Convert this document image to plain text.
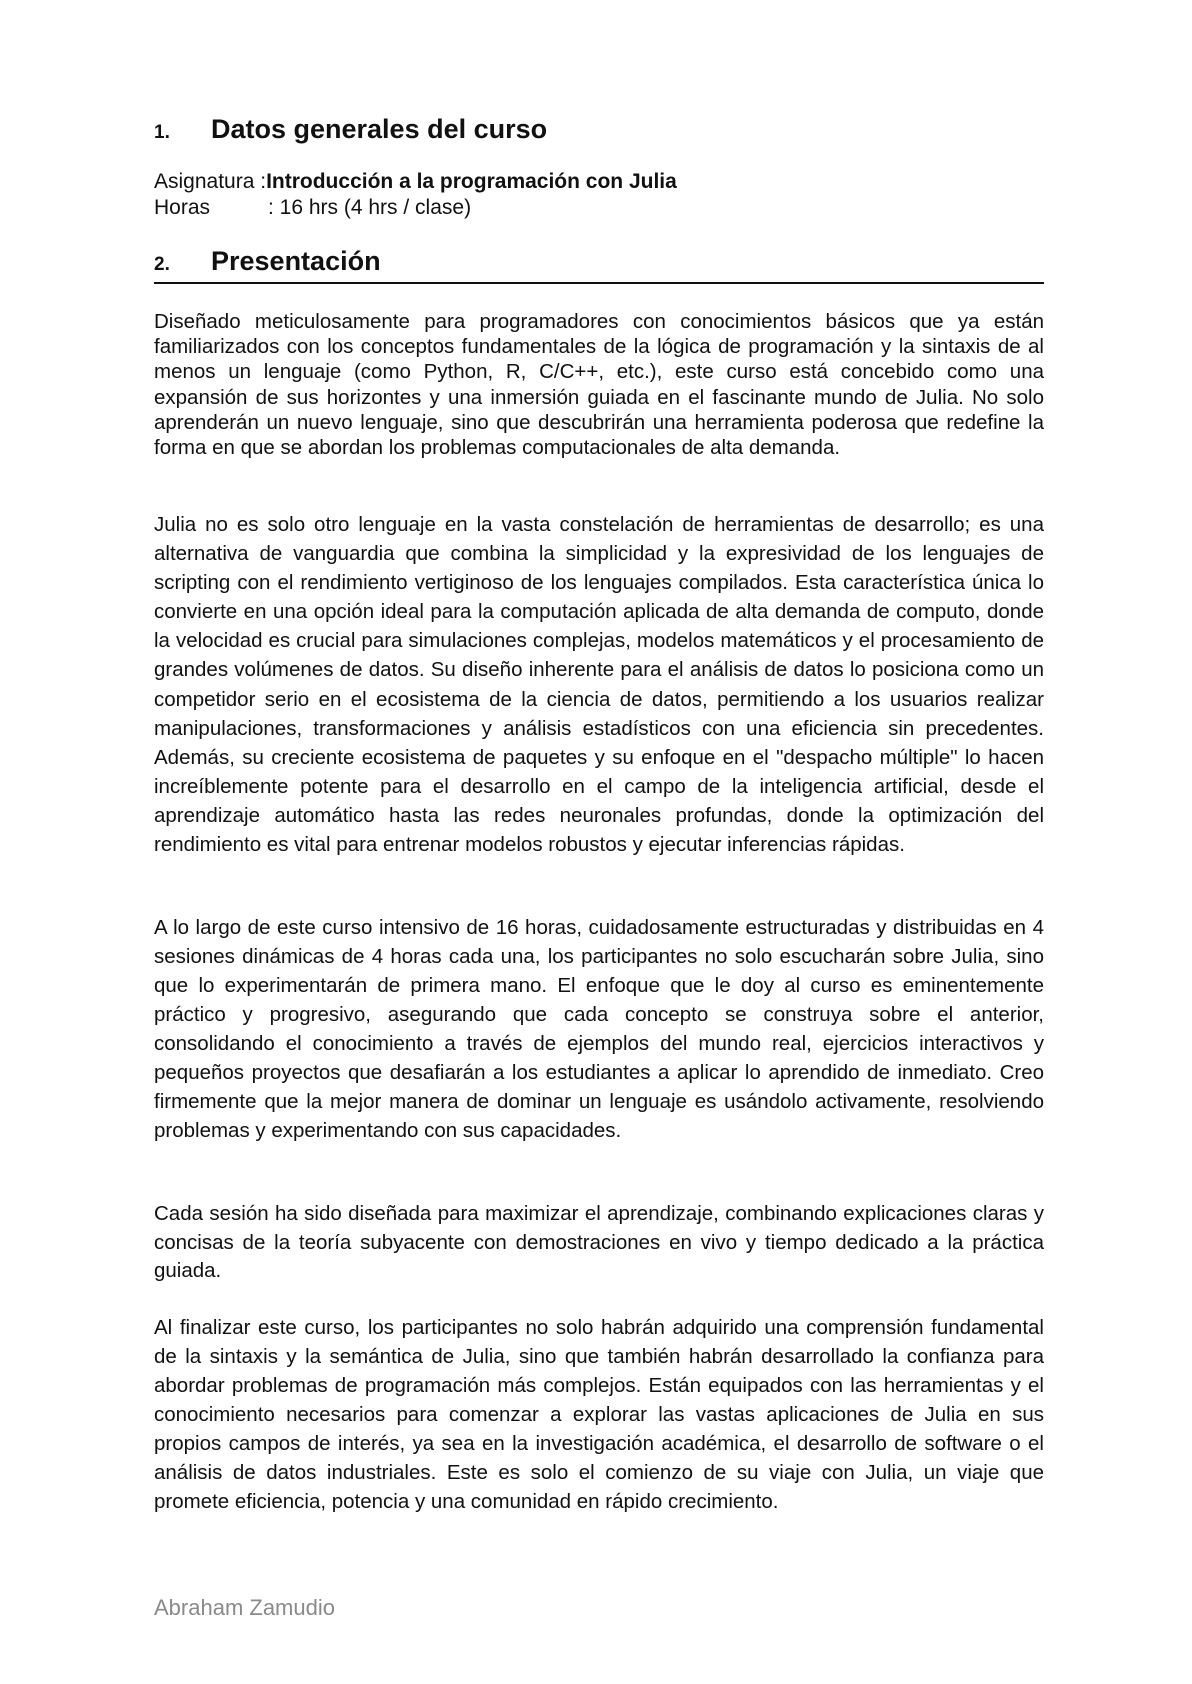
1.	Datos generales del curso
Asignatura :Introducción a la programación con Julia
Horas	: 16 hrs (4 hrs / clase)
2.	Presentación

Diseñado meticulosamente para programadores con conocimientos básicos que ya están familiarizados con los conceptos fundamentales de la lógica de programación y la sintaxis de al menos un lenguaje (como Python, R, C/C++, etc.), este curso está concebido como una expansión de sus horizontes y una inmersión guiada en el fascinante mundo de Julia. No solo aprenderán un nuevo lenguaje, sino que descubrirán una herramienta poderosa que redefine la forma en que se abordan los problemas computacionales de alta demanda.

Julia no es solo otro lenguaje en la vasta constelación de herramientas de desarrollo; es una alternativa de vanguardia que combina la simplicidad y la expresividad de los lenguajes de scripting con el rendimiento vertiginoso de los lenguajes compilados. Esta característica única lo convierte en una opción ideal para la computación aplicada de alta demanda de computo, donde la velocidad es crucial para simulaciones complejas, modelos matemáticos y el procesamiento de grandes volúmenes de datos. Su diseño inherente para el análisis de datos lo posiciona como un competidor serio en el ecosistema de la ciencia de datos, permitiendo a los usuarios realizar manipulaciones, transformaciones y análisis estadísticos con una eficiencia sin precedentes. Además, su creciente ecosistema de paquetes y su enfoque en el "despacho múltiple" lo hacen increíblemente potente para el desarrollo en el campo de la inteligencia artificial, desde el aprendizaje automático hasta las redes neuronales profundas, donde la optimización del rendimiento es vital para entrenar modelos robustos y ejecutar inferencias rápidas.

A lo largo de este curso intensivo de 16 horas, cuidadosamente estructuradas y distribuidas en 4 sesiones dinámicas de 4 horas cada una, los participantes no solo escucharán sobre Julia, sino que lo experimentarán de primera mano. El enfoque que le doy al curso es eminentemente práctico y progresivo, asegurando que cada concepto se construya sobre el anterior, consolidando el conocimiento a través de ejemplos del mundo real, ejercicios interactivos y pequeños proyectos que desafiarán a los estudiantes a aplicar lo aprendido de inmediato. Creo firmemente que la mejor manera de dominar un lenguaje es usándolo activamente, resolviendo problemas y experimentando con sus capacidades.

Cada sesión ha sido diseñada para maximizar el aprendizaje, combinando explicaciones claras y concisas de la teoría subyacente con demostraciones en vivo y tiempo dedicado a la práctica guiada.

Al finalizar este curso, los participantes no solo habrán adquirido una comprensión fundamental de la sintaxis y la semántica de Julia, sino que también habrán desarrollado la confianza para abordar problemas de programación más complejos. Están equipados con las herramientas y el conocimiento necesarios para comenzar a explorar las vastas aplicaciones de Julia en sus propios campos de interés, ya sea en la investigación académica, el desarrollo de software o el análisis de datos industriales. Este es solo el comienzo de su viaje con Julia, un viaje que promete eficiencia, potencia y una comunidad en rápido crecimiento.

Abraham Zamudio
